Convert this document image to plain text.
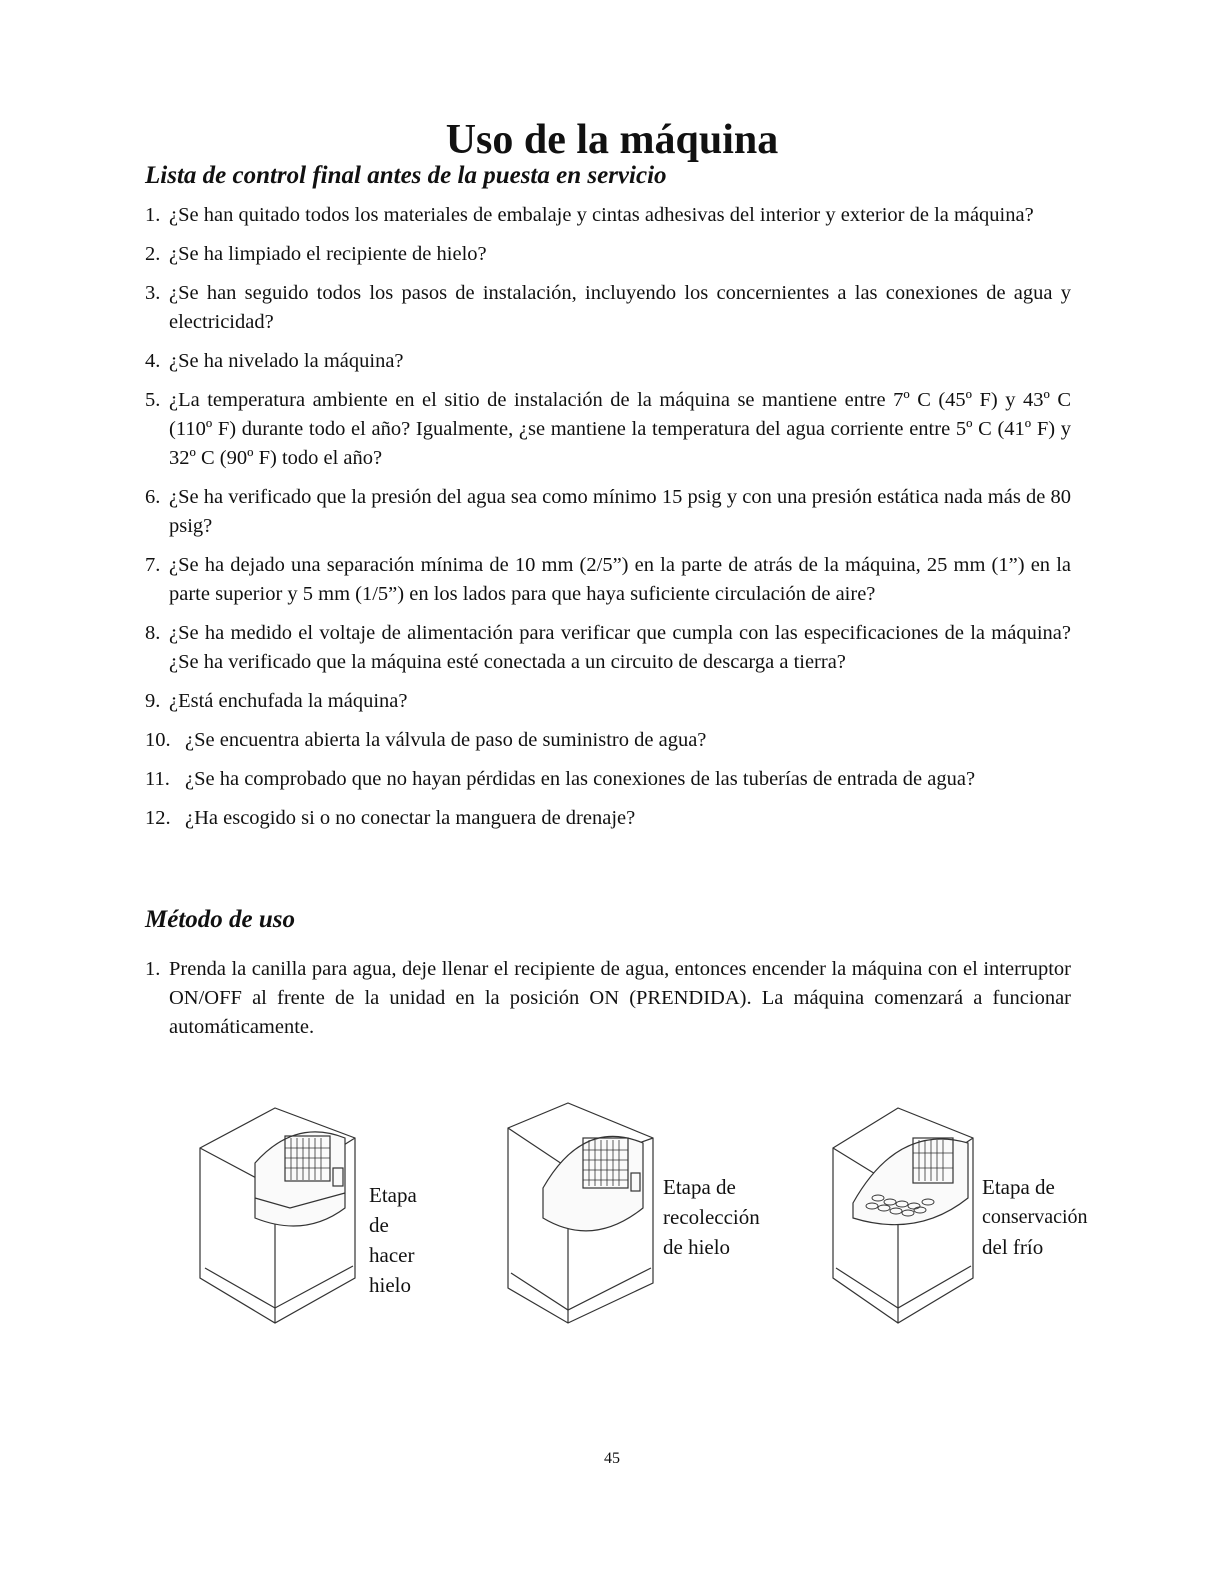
Uso de la máquina
Lista de control final antes de la puesta en servicio
1. ¿Se han quitado todos los materiales de embalaje y cintas adhesivas del interior y exterior de la máquina?
2. ¿Se ha limpiado el recipiente de hielo?
3. ¿Se han seguido todos los pasos de instalación, incluyendo los concernientes a las conexiones de agua y electricidad?
4. ¿Se ha nivelado la máquina?
5. ¿La temperatura ambiente en el sitio de instalación de la máquina se mantiene entre 7º C (45º F) y 43º C (110º F) durante todo el año? Igualmente, ¿se mantiene la temperatura del agua corriente entre 5º C (41º F) y 32º C (90º F) todo el año?
6. ¿Se ha verificado que la presión del agua sea como mínimo 15 psig y con una presión estática nada más de 80 psig?
7. ¿Se ha dejado una separación mínima de 10 mm (2/5”) en la parte de atrás de la máquina, 25 mm (1”) en la parte superior y 5 mm (1/5”) en los lados para que haya suficiente circulación de aire?
8. ¿Se ha medido el voltaje de alimentación para verificar que cumpla con las especificaciones de la máquina? ¿Se ha verificado que la máquina esté conectada a un circuito de descarga a tierra?
9. ¿Está enchufada la máquina?
10. ¿Se encuentra abierta la válvula de paso de suministro de agua?
11. ¿Se ha comprobado que no hayan pérdidas en las conexiones de las tuberías de entrada de agua?
12. ¿Ha escogido si o no conectar la manguera de drenaje?
Método de uso
1. Prenda la canilla para agua, deje llenar el recipiente de agua, entonces encender la máquina con el interruptor ON/OFF al frente de la unidad en la posición ON (PRENDIDA). La máquina comenzará a funcionar automáticamente.
Etapa de
hacer hielo
Etapa de
recolección
de hielo
Etapa de
conservación
del frío
45
